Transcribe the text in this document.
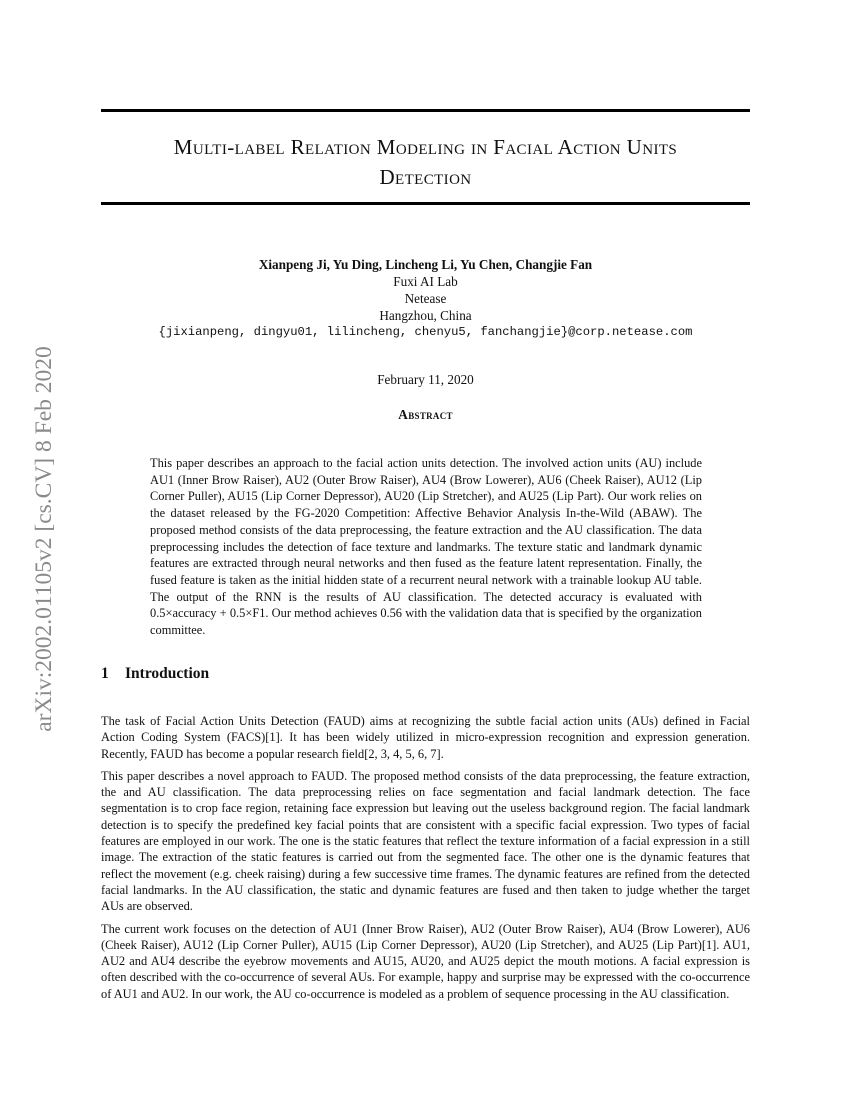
arXiv:2002.01105v2 [cs.CV] 8 Feb 2020
Multi-label Relation Modeling in Facial Action Units
Detection
Xianpeng Ji, Yu Ding, Lincheng Li, Yu Chen, Changjie Fan
Fuxi AI Lab
Netease
Hangzhou, China
{jixianpeng, dingyu01, lilincheng, chenyu5, fanchangjie}@corp.netease.com
February 11, 2020
Abstract
This paper describes an approach to the facial action units detection. The involved action units (AU) include AU1 (Inner Brow Raiser), AU2 (Outer Brow Raiser), AU4 (Brow Lowerer), AU6 (Cheek Raiser), AU12 (Lip Corner Puller), AU15 (Lip Corner Depressor), AU20 (Lip Stretcher), and AU25 (Lip Part). Our work relies on the dataset released by the FG-2020 Competition: Affective Behavior Analysis In-the-Wild (ABAW). The proposed method consists of the data preprocessing, the feature extraction and the AU classification. The data preprocessing includes the detection of face texture and landmarks. The texture static and landmark dynamic features are extracted through neural networks and then fused as the feature latent representation. Finally, the fused feature is taken as the initial hidden state of a recurrent neural network with a trainable lookup AU table. The output of the RNN is the results of AU classification. The detected accuracy is evaluated with 0.5×accuracy + 0.5×F1. Our method achieves 0.56 with the validation data that is specified by the organization committee.
1 Introduction

The task of Facial Action Units Detection (FAUD) aims at recognizing the subtle facial action units (AUs) defined in Facial Action Coding System (FACS)[1]. It has been widely utilized in micro-expression recognition and expression generation. Recently, FAUD has become a popular research field[2, 3, 4, 5, 6, 7].

This paper describes a novel approach to FAUD. The proposed method consists of the data preprocessing, the feature extraction, the and AU classification. The data preprocessing relies on face segmentation and facial landmark detection. The face segmentation is to crop face region, retaining face expression but leaving out the useless background region. The facial landmark detection is to specify the predefined key facial points that are consistent with a specific facial expression. Two types of facial features are employed in our work. The one is the static features that reflect the texture information of a facial expression in a still image. The extraction of the static features is carried out from the segmented face. The other one is the dynamic features that reflect the movement (e.g. cheek raising) during a few successive time frames. The dynamic features are refined from the detected facial landmarks. In the AU classification, the static and dynamic features are fused and then taken to judge whether the target AUs are observed.

The current work focuses on the detection of AU1 (Inner Brow Raiser), AU2 (Outer Brow Raiser), AU4 (Brow Lowerer), AU6 (Cheek Raiser), AU12 (Lip Corner Puller), AU15 (Lip Corner Depressor), AU20 (Lip Stretcher), and AU25 (Lip Part)[1]. AU1, AU2 and AU4 describe the eyebrow movements and AU15, AU20, and AU25 depict the mouth motions. A facial expression is often described with the co-occurrence of several AUs. For example, happy and surprise may be expressed with the co-occurrence of AU1 and AU2. In our work, the AU co-occurrence is modeled as a problem of sequence processing in the AU classification.
